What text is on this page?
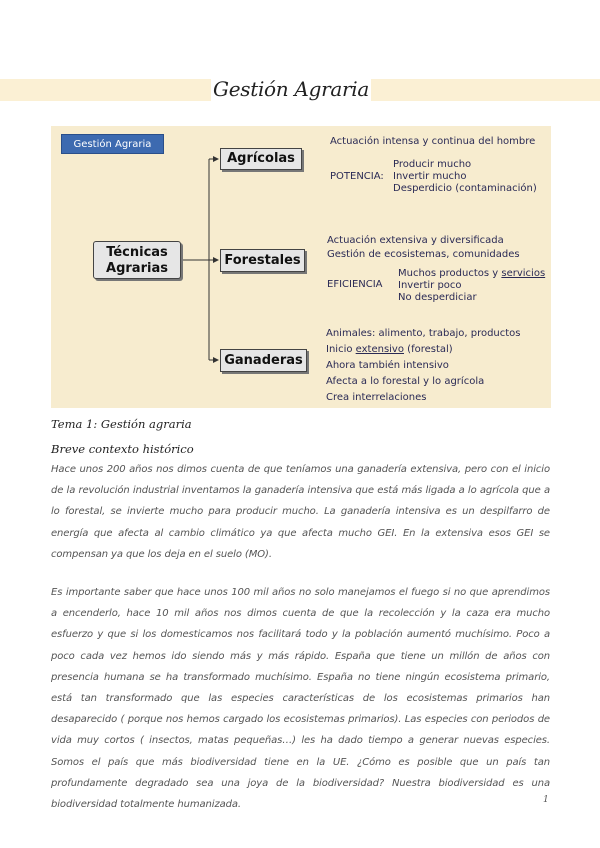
Gestión Agraria
Gestión Agraria
Técnicas
Agrarias
Agrícolas
Forestales
Ganaderas
Actuación intensa y continua del hombre
POTENCIA:
Producir mucho
Invertir mucho
Desperdicio (contaminación)
Actuación extensiva y diversificada
Gestión de ecosistemas, comunidades
EFICIENCIA
Muchos productos y servicios
Invertir poco
No desperdiciar
Animales: alimento, trabajo, productos
Inicio extensivo (forestal)
Ahora también intensivo
Afecta a lo forestal y lo agrícola
Crea interrelaciones
Tema 1: Gestión agraria
Breve contexto histórico
Hace unos 200 años nos dimos cuenta de que teníamos una ganadería extensiva, pero con el inicio de la revolución industrial inventamos la ganadería intensiva que está más ligada a lo agrícola que a lo forestal, se invierte mucho para producir mucho. La ganadería intensiva es un despilfarro de energía que afecta al cambio climático ya que afecta mucho GEI. En la extensiva esos GEI se compensan ya que los deja en el suelo (MO).
Es importante saber que hace unos 100 mil años no solo manejamos el fuego si no que aprendimos a encenderlo, hace 10 mil años nos dimos cuenta de que la recolección y la caza era mucho esfuerzo y que si los domesticamos nos facilitará todo y la población aumentó muchísimo. Poco a poco cada vez hemos ido siendo más y más rápido. España que tiene un millón de años con presencia humana se ha transformado muchísimo. España no tiene ningún ecosistema primario, está tan transformado que las especies características de los ecosistemas primarios han desaparecido ( porque nos hemos cargado los ecosistemas primarios). Las especies con periodos de vida muy cortos ( insectos, matas pequeñas…) les ha dado tiempo a generar nuevas especies. Somos el país que más biodiversidad tiene en la UE. ¿Cómo es posible que un país tan profundamente degradado sea una joya de la biodiversidad? Nuestra biodiversidad es una biodiversidad totalmente humanizada.	1
